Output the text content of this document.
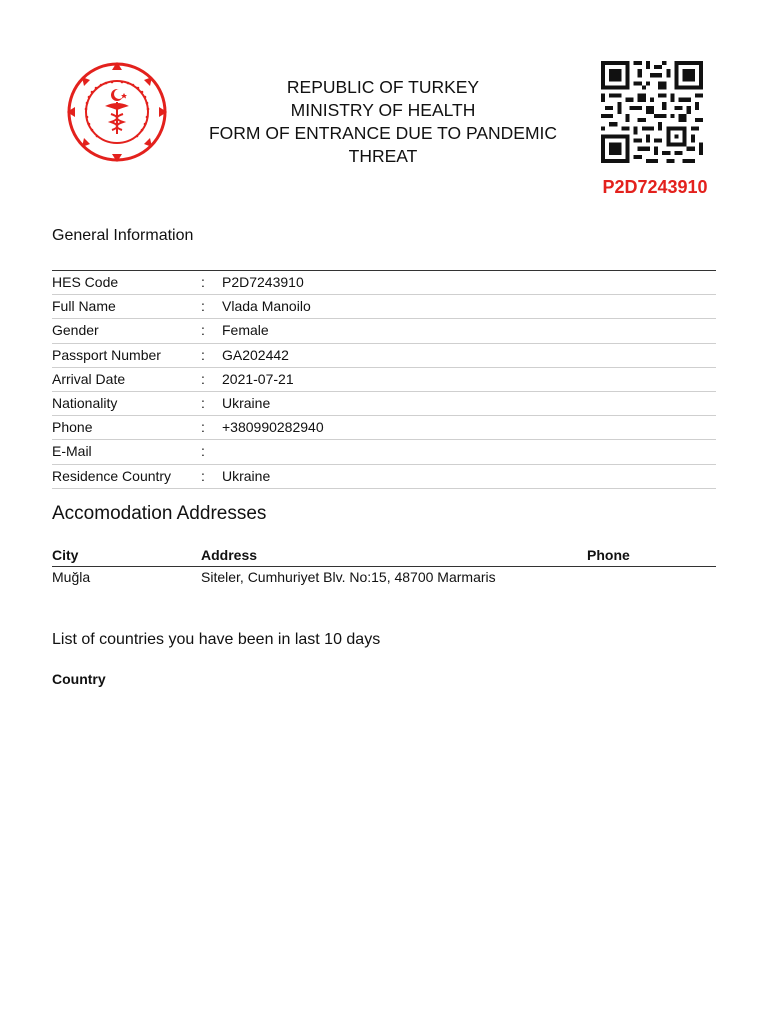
REPUBLIC OF TURKEY
MINISTRY OF HEALTH
FORM OF ENTRANCE DUE TO PANDEMIC THREAT
P2D7243910
General Information
HES Code	: P2D7243910
Full Name	: Vlada Manoilo
Gender	: Female
Passport Number	: GA202442
Arrival Date	: 2021-07-21
Nationality	: Ukraine
Phone	: +380990282940
E-Mail	:
Residence Country : Ukraine
Accomodation Addresses
City	Address	Phone
Muğla	Siteler, Cumhuriyet Blv. No:15, 48700 Marmaris
List of countries you have been in last 10 days
Country
